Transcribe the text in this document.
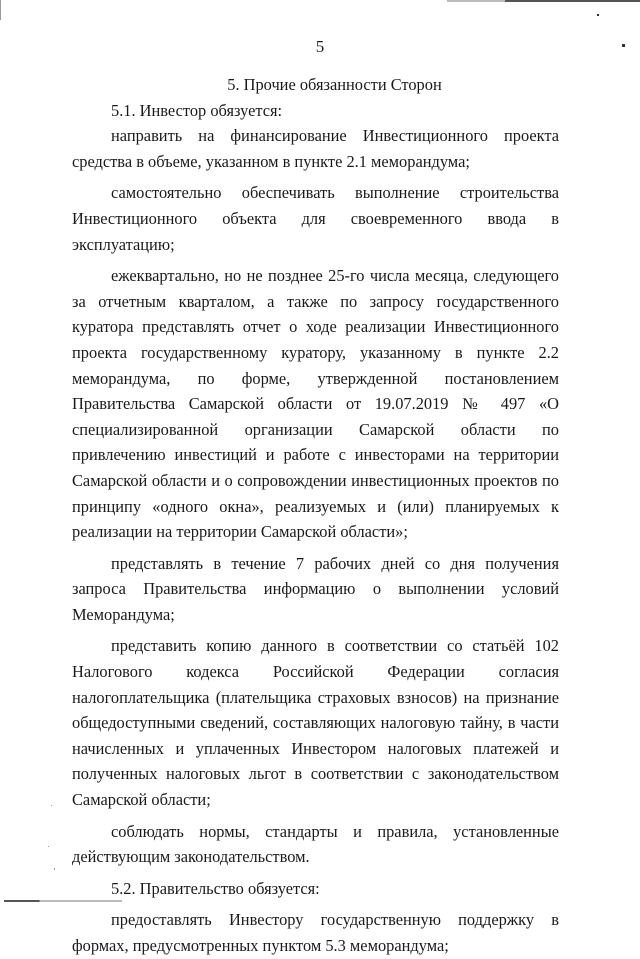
5

5. Прочие обязанности Сторон

5.1. Инвестор обязуется:

направить на финансирование Инвестиционного проекта средства в объеме, указанном в пункте 2.1 меморандума;

самостоятельно обеспечивать выполнение строительства Инвестиционного объекта для своевременного ввода в эксплуатацию;

ежеквартально, но не позднее 25-го числа месяца, следующего за отчетным кварталом, а также по запросу государственного куратора представлять отчет о ходе реализации Инвестиционного проекта государственному куратору, указанному в пункте 2.2 меморандума, по форме, утвержденной постановлением Правительства Самарской области от 19.07.2019 № 497 «О специализированной организации Самарской области по привлечению инвестиций и работе с инвесторами на территории Самарской области и о сопровождении инвестиционных проектов по принципу «одного окна», реализуемых и (или) планируемых к реализации на территории Самарской области»;

представлять в течение 7 рабочих дней со дня получения запроса Правительства информацию о выполнении условий Меморандума;

представить копию данного в соответствии со статьёй 102 Налогового кодекса Российской Федерации согласия налогоплательщика (плательщика страховых взносов) на признание общедоступными сведений, составляющих налоговую тайну, в части начисленных и уплаченных Инвестором налоговых платежей и полученных налоговых льгот в соответствии с законодательством Самарской области;

соблюдать нормы, стандарты и правила, установленные действующим законодательством.

5.2. Правительство обязуется:

предоставлять Инвестору государственную поддержку в формах, предусмотренных пунктом 5.3 меморандума;
